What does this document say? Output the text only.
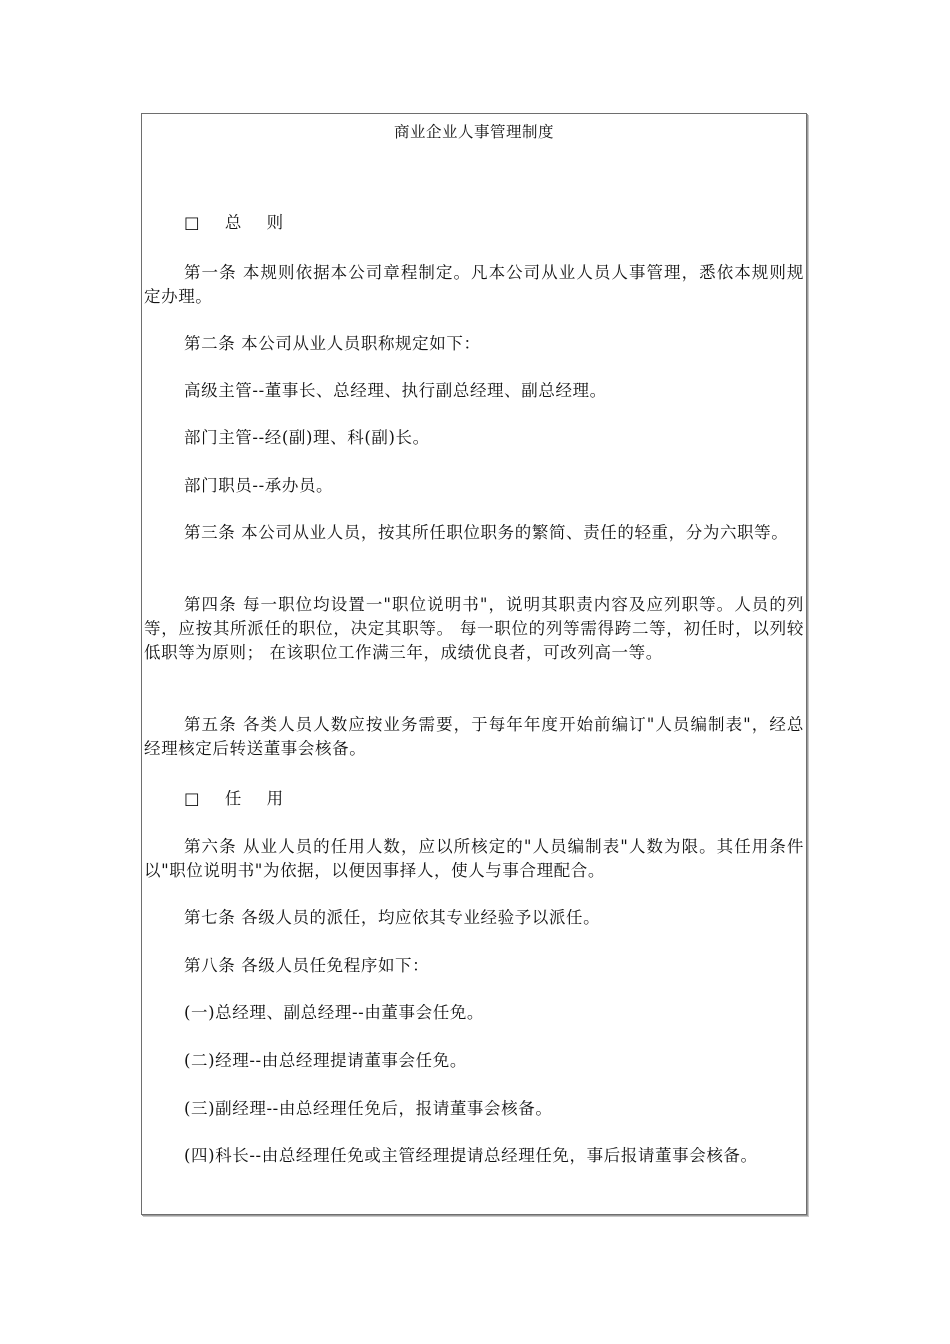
商业企业人事管理制度

□ 总 则

第一条 本规则依据本公司章程制定。凡本公司从业人员人事管理，悉依本规则规定办理。

第二条 本公司从业人员职称规定如下：

高级主管--董事长、总经理、执行副总经理、副总经理。

部门主管--经(副)理、科(副)长。

部门职员--承办员。

第三条 本公司从业人员，按其所任职位职务的繁简、责任的轻重，分为六职等。

第四条 每一职位均设置一"职位说明书"，说明其职责内容及应列职等。人员的列等，应按其所派任的职位，决定其职等。 每一职位的列等需得跨二等，初任时，以列较低职等为原则； 在该职位工作满三年，成绩优良者，可改列高一等。

第五条 各类人员人数应按业务需要，于每年年度开始前编订"人员编制表"，经总经理核定后转送董事会核备。

□ 任 用

第六条 从业人员的任用人数，应以所核定的"人员编制表"人数为限。其任用条件以"职位说明书"为依据，以便因事择人，使人与事合理配合。

第七条 各级人员的派任，均应依其专业经验予以派任。

第八条 各级人员任免程序如下：

(一)总经理、副总经理--由董事会任免。

(二)经理--由总经理提请董事会任免。

(三)副经理--由总经理任免后，报请董事会核备。

(四)科长--由总经理任免或主管经理提请总经理任免，事后报请董事会核备。
